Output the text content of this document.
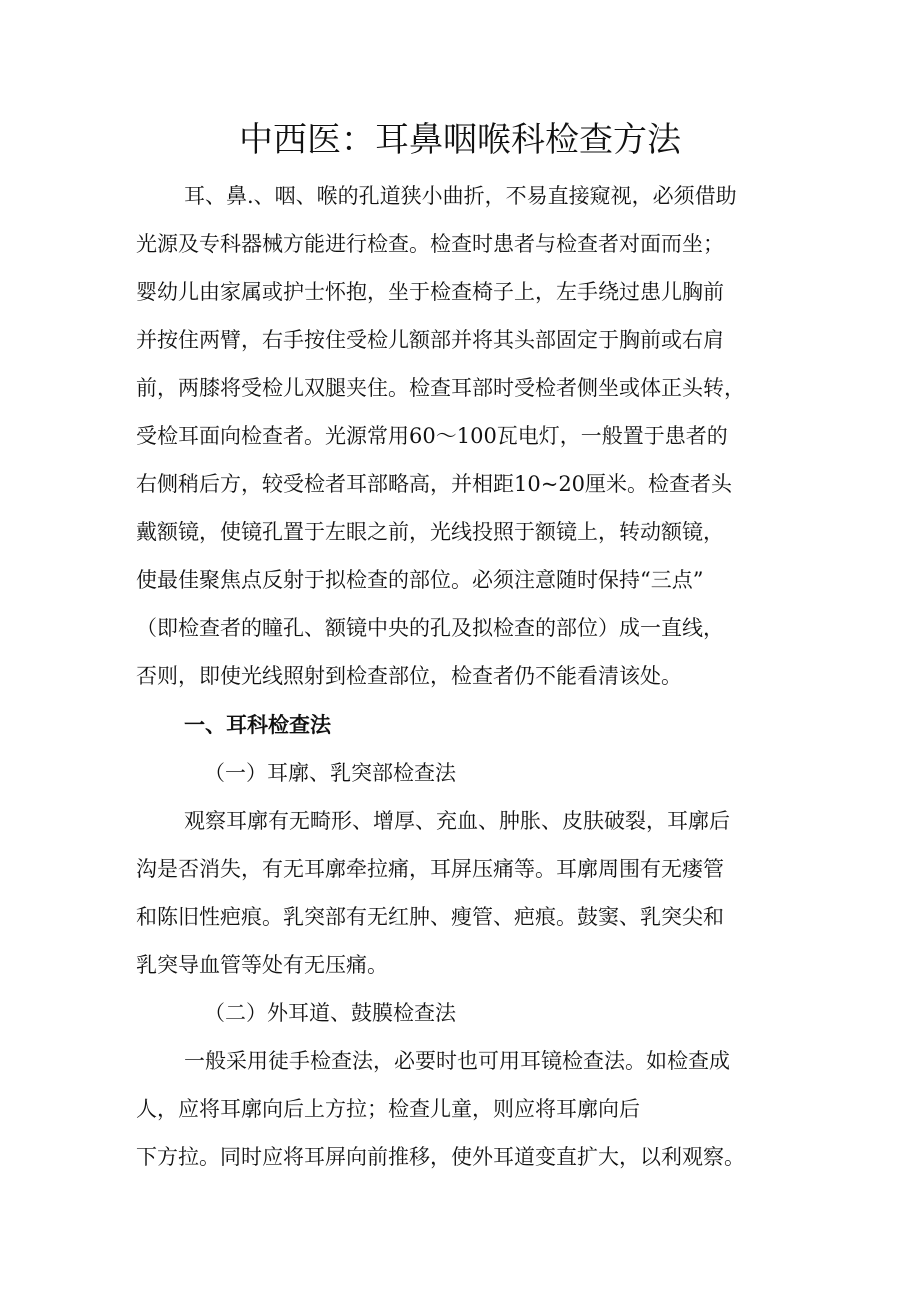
中西医：耳鼻咽喉科检查方法

耳、鼻.、咽、喉的孔道狭小曲折，不易直接窥视，必须借助

光源及专科器械方能进行检查。检查时患者与检查者对面而坐；

婴幼儿由家属或护士怀抱，坐于检查椅子上，左手绕过患儿胸前

并按住两臂，右手按住受检儿额部并将其头部固定于胸前或右肩

前，两膝将受检儿双腿夹住。检查耳部时受检者侧坐或体正头转，

受检耳面向检查者。光源常用60～100瓦电灯，一般置于患者的

右侧稍后方，较受检者耳部略高，并相距10~20厘米。检查者头

戴额镜，使镜孔置于左眼之前，光线投照于额镜上，转动额镜，

使最佳聚焦点反射于拟检查的部位。必须注意随时保持“三点”

（即检查者的瞳孔、额镜中央的孔及拟检查的部位）成一直线，

否则，即使光线照射到检查部位，检查者仍不能看清该处。

一、耳科检查法

（一）耳廓、乳突部检查法

观察耳廓有无畸形、增厚、充血、肿胀、皮肤破裂，耳廓后

沟是否消失，有无耳廓牵拉痛，耳屏压痛等。耳廓周围有无瘘管

和陈旧性疤痕。乳突部有无红肿、瘦管、疤痕。鼓窦、乳突尖和

乳突导血管等处有无压痛。

（二）外耳道、鼓膜检查法

一般采用徒手检查法，必要时也可用耳镜检查法。如检查成

人，应将耳廓向后上方拉；检查儿童，则应将耳廓向后

下方拉。同时应将耳屏向前推移，使外耳道变直扩大，以利观察。
